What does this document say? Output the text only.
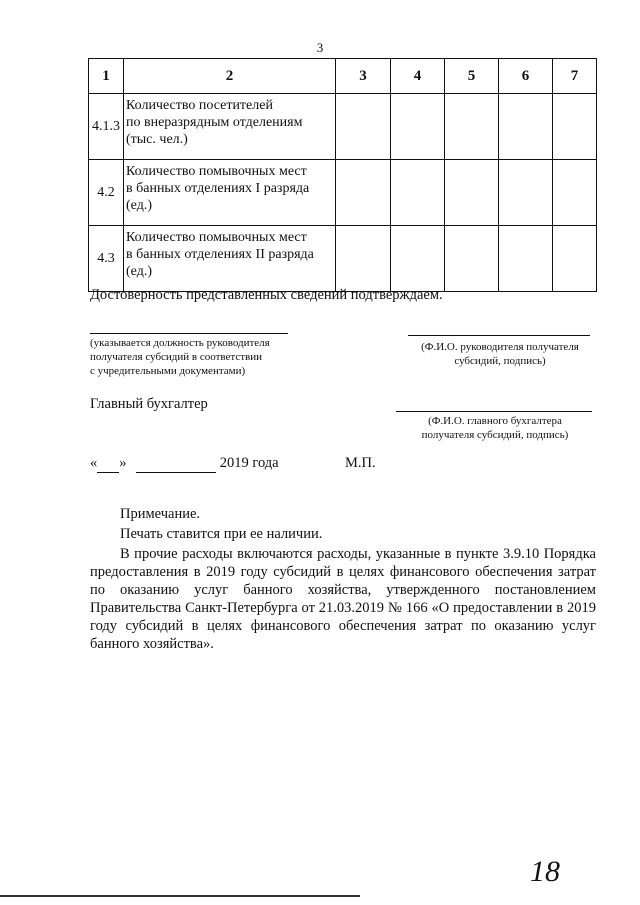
3
1	2	3	4	5	6	7
4.1.3	Количество посетителей
по внеразрядным отделениям
(тыс. чел.)					

4.2	Количество помывочных мест
в банных отделениях I разряда
(ед.)					

4.3	Количество помывочных мест
в банных отделениях II разряда
(ед.)					

Достоверность представленных сведений подтверждаем.
(указывается должность руководителя
получателя субсидий в соответствии
с учредительными документами)
(Ф.И.О. руководителя получателя
субсидий, подпись)
Главный бухгалтер
(Ф.И.О. главного бухгалтера
получателя субсидий, подпись)
« »	2019 года	М.П.

Примечание.

Печать ставится при ее наличии.

В прочие расходы включаются расходы, указанные в пункте 3.9.10 Порядка предоставления в 2019 году субсидий в целях финансового обеспечения затрат по оказанию услуг банного хозяйства, утвержденного постановлением Правительства Санкт-Петербурга от 21.03.2019 № 166 «О предоставлении в 2019 году субсидий в целях финансового обеспечения затрат по оказанию услуг банного хозяйства».

18
